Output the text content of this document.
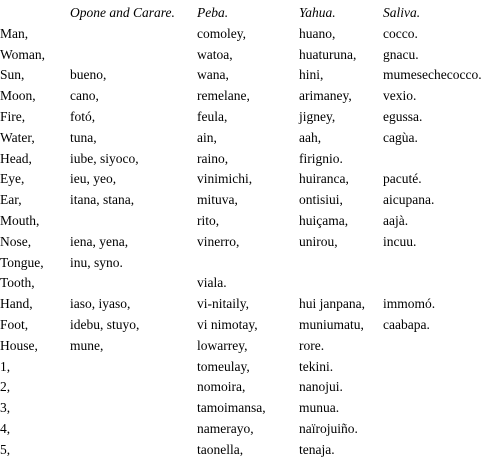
	Opone and Carare.	Peba.	Yahua.	Saliva.
Man,		comoley,	huano,	cocco.
Woman,		watoa,	huaturuna,	gnacu.
Sun,	bueno,	wana,	hini,	mumesechecocco.
Moon,	cano,	remelane,	arimaney,	vexio.
Fire,	fotó,	feula,	jigney,	egussa.
Water,	tuna,	ain,	aah,	cagùa.
Head,	iube, siyoco,	raino,	firignio.	
Eye,	ieu, yeo,	vinimichi,	huiranca,	pacuté.
Ear,	itana, stana,	mituva,	ontisiui,	aicupana.
Mouth,		rito,	huiçama,	aajà.
Nose,	iena, yena,	vinerro,	unirou,	incuu.
Tongue,	inu, syno.			
Tooth,		viala.		
Hand,	iaso, iyaso,	vi-nitaily,	hui janpana,	immomó.
Foot,	idebu, stuyo,	vi nimotay,	muniumatu,	caabapa.
House,	mune,	lowarrey,	rore.	
1,		tomeulay,	tekini.	
2,		nomoira,	nanojui.	
3,		tamoimansa,	munua.	
4,		namerayo,	naïrojuiño.	
5,		taonella,	tenaja.	
